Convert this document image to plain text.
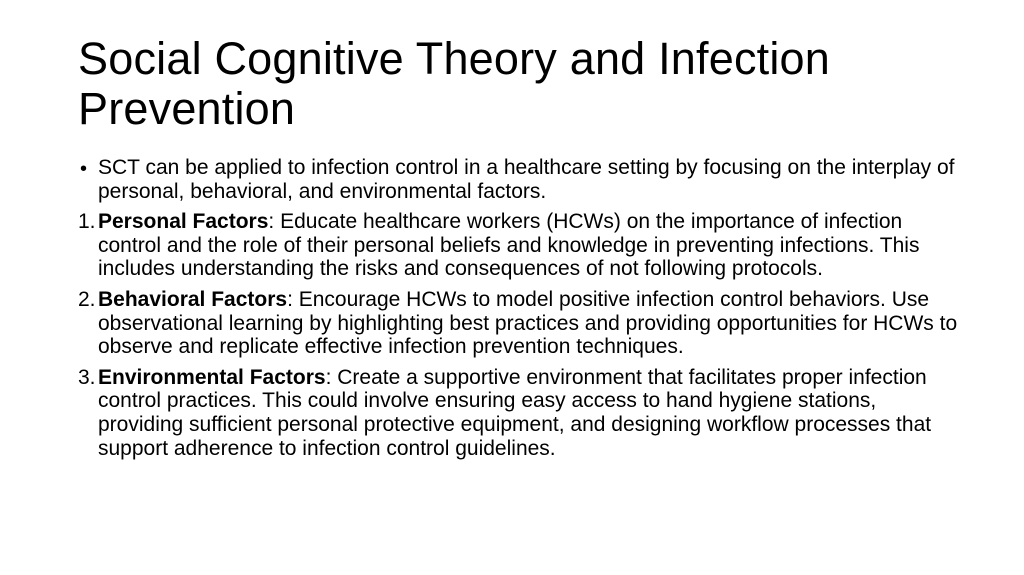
Social Cognitive Theory and Infection Prevention
• SCT can be applied to infection control in a healthcare setting by focusing on the interplay of personal, behavioral, and environmental factors.
1. Personal Factors: Educate healthcare workers (HCWs) on the importance of infection control and the role of their personal beliefs and knowledge in preventing infections. This includes understanding the risks and consequences of not following protocols.
2. Behavioral Factors: Encourage HCWs to model positive infection control behaviors. Use observational learning by highlighting best practices and providing opportunities for HCWs to observe and replicate effective infection prevention techniques.
3. Environmental Factors: Create a supportive environment that facilitates proper infection control practices. This could involve ensuring easy access to hand hygiene stations, providing sufficient personal protective equipment, and designing workflow processes that support adherence to infection control guidelines.
